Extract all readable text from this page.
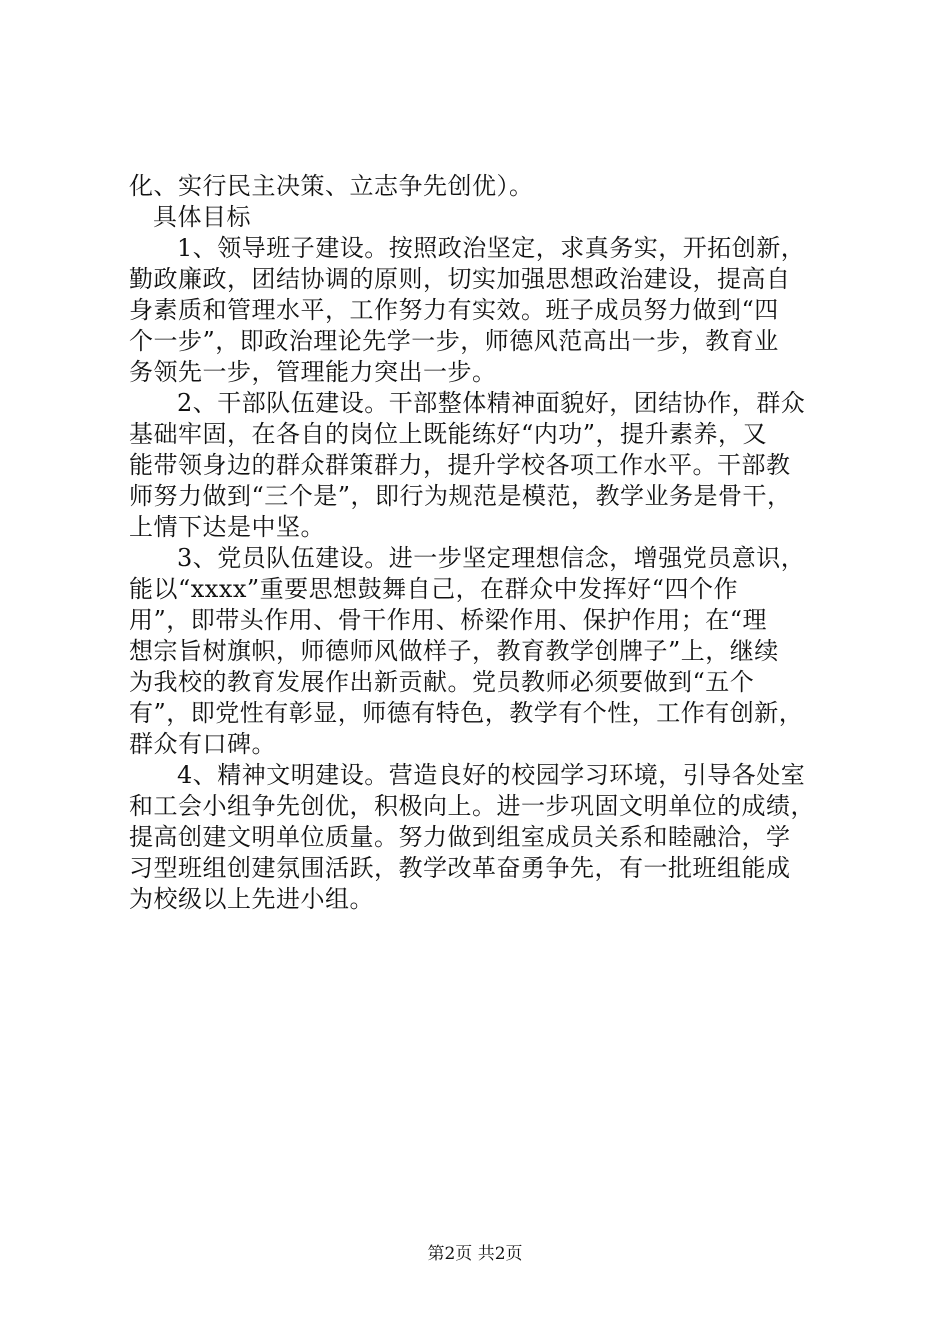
化、实行民主决策、立志争先创优）。
具体目标
1、领导班子建设。按照政治坚定，求真务实，开拓创新，
勤政廉政，团结协调的原则，切实加强思想政治建设，提高自
身素质和管理水平，工作努力有实效。班子成员努力做到“四
个一步”，即政治理论先学一步，师德风范高出一步，教育业
务领先一步，管理能力突出一步。
2、干部队伍建设。干部整体精神面貌好，团结协作，群众
基础牢固，在各自的岗位上既能练好“内功”，提升素养，又
能带领身边的群众群策群力，提升学校各项工作水平。干部教
师努力做到“三个是”，即行为规范是模范，教学业务是骨干，
上情下达是中坚。
3、党员队伍建设。进一步坚定理想信念，增强党员意识，
能以“xxxx”重要思想鼓舞自己，在群众中发挥好“四个作
用”，即带头作用、骨干作用、桥梁作用、保护作用；在“理
想宗旨树旗帜，师德师风做样子，教育教学创牌子”上，继续
为我校的教育发展作出新贡献。党员教师必须要做到“五个
有”，即党性有彰显，师德有特色，教学有个性，工作有创新，
群众有口碑。
4、精神文明建设。营造良好的校园学习环境，引导各处室
和工会小组争先创优，积极向上。进一步巩固文明单位的成绩，
提高创建文明单位质量。努力做到组室成员关系和睦融洽，学
习型班组创建氛围活跃，教学改革奋勇争先，有一批班组能成
为校级以上先进小组。
第2页 共2页
